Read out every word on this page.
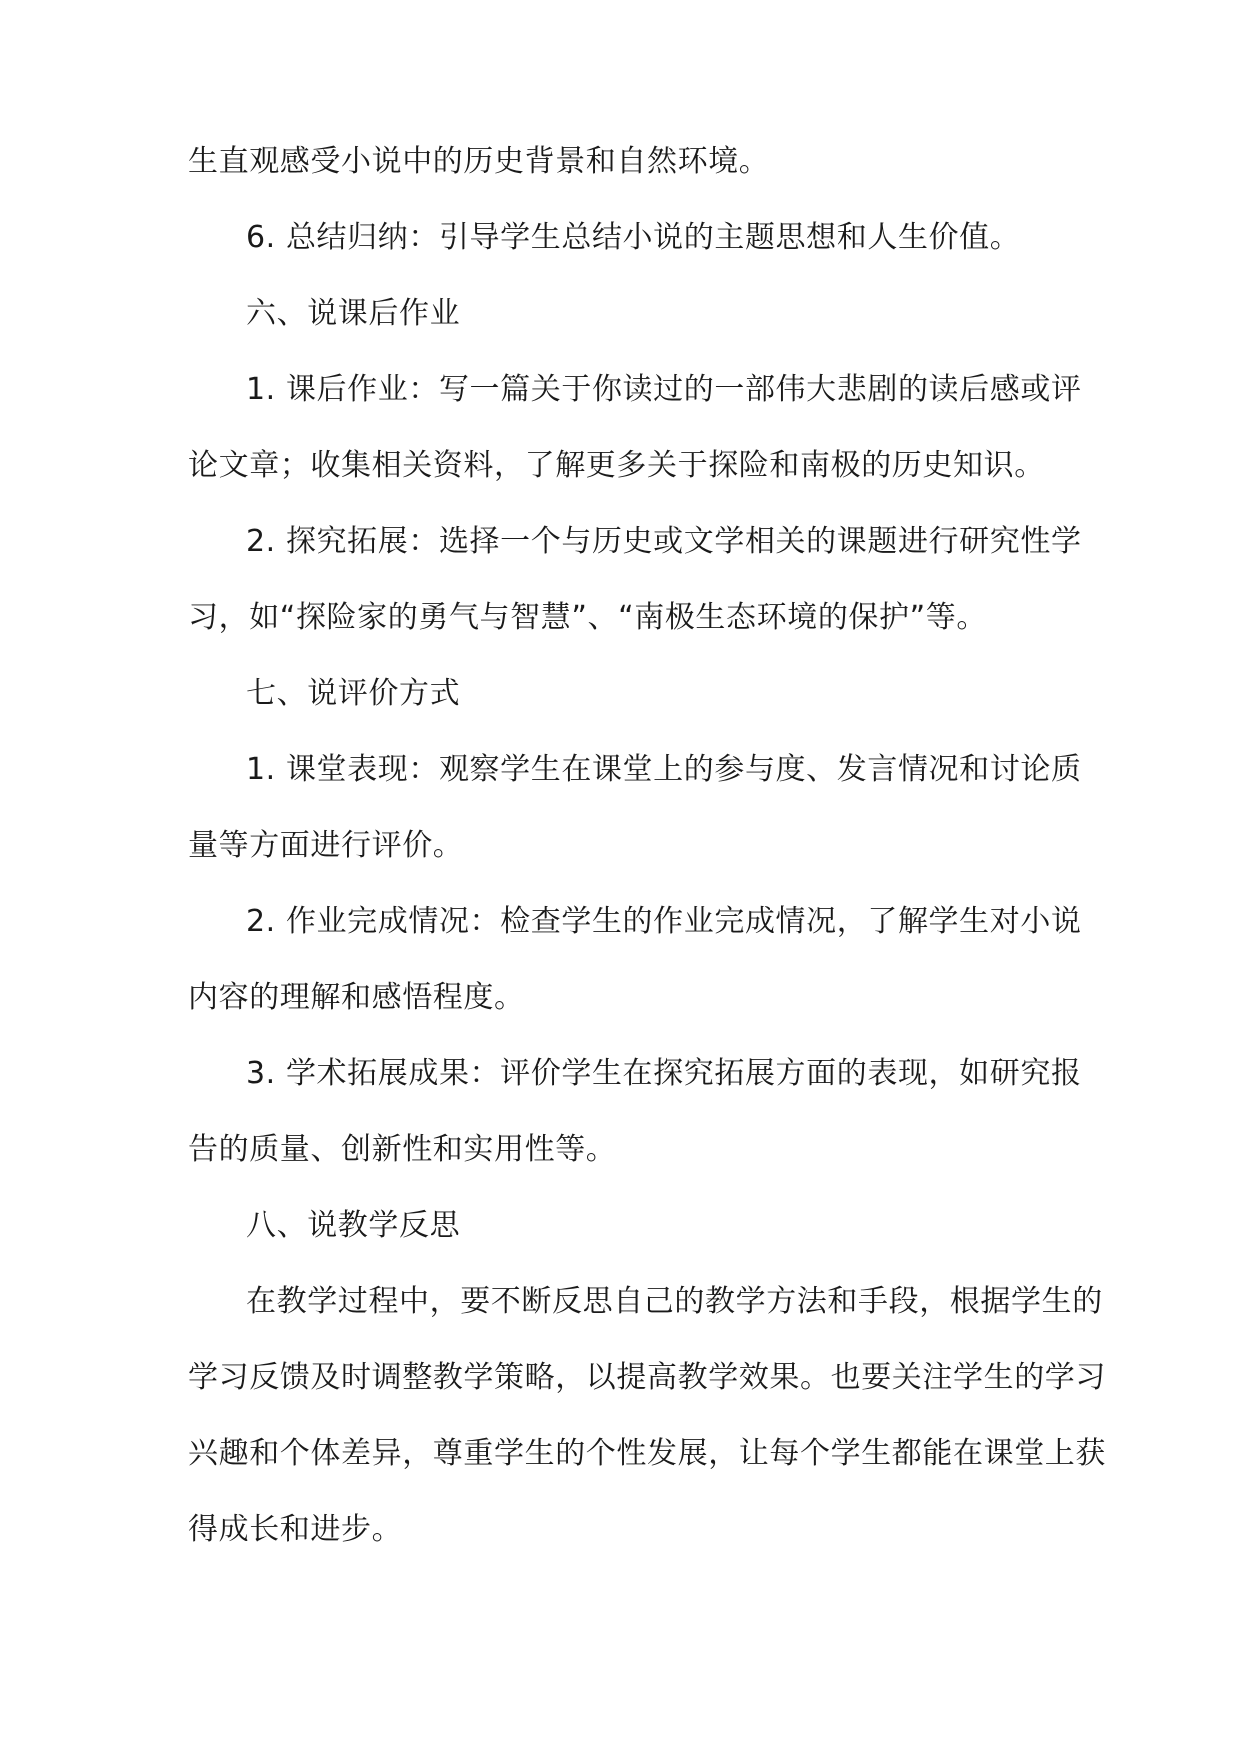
生直观感受小说中的历史背景和自然环境。
6. 总结归纳：引导学生总结小说的主题思想和人生价值。
六、说课后作业
1. 课后作业：写一篇关于你读过的一部伟大悲剧的读后感或评
论文章；收集相关资料，了解更多关于探险和南极的历史知识。
2. 探究拓展：选择一个与历史或文学相关的课题进行研究性学
习，如“探险家的勇气与智慧”、“南极生态环境的保护”等。
七、说评价方式
1. 课堂表现：观察学生在课堂上的参与度、发言情况和讨论质
量等方面进行评价。
2. 作业完成情况：检查学生的作业完成情况，了解学生对小说
内容的理解和感悟程度。
3. 学术拓展成果：评价学生在探究拓展方面的表现，如研究报
告的质量、创新性和实用性等。
八、说教学反思
在教学过程中，要不断反思自己的教学方法和手段，根据学生的
学习反馈及时调整教学策略，以提高教学效果。也要关注学生的学习
兴趣和个体差异，尊重学生的个性发展，让每个学生都能在课堂上获
得成长和进步。
